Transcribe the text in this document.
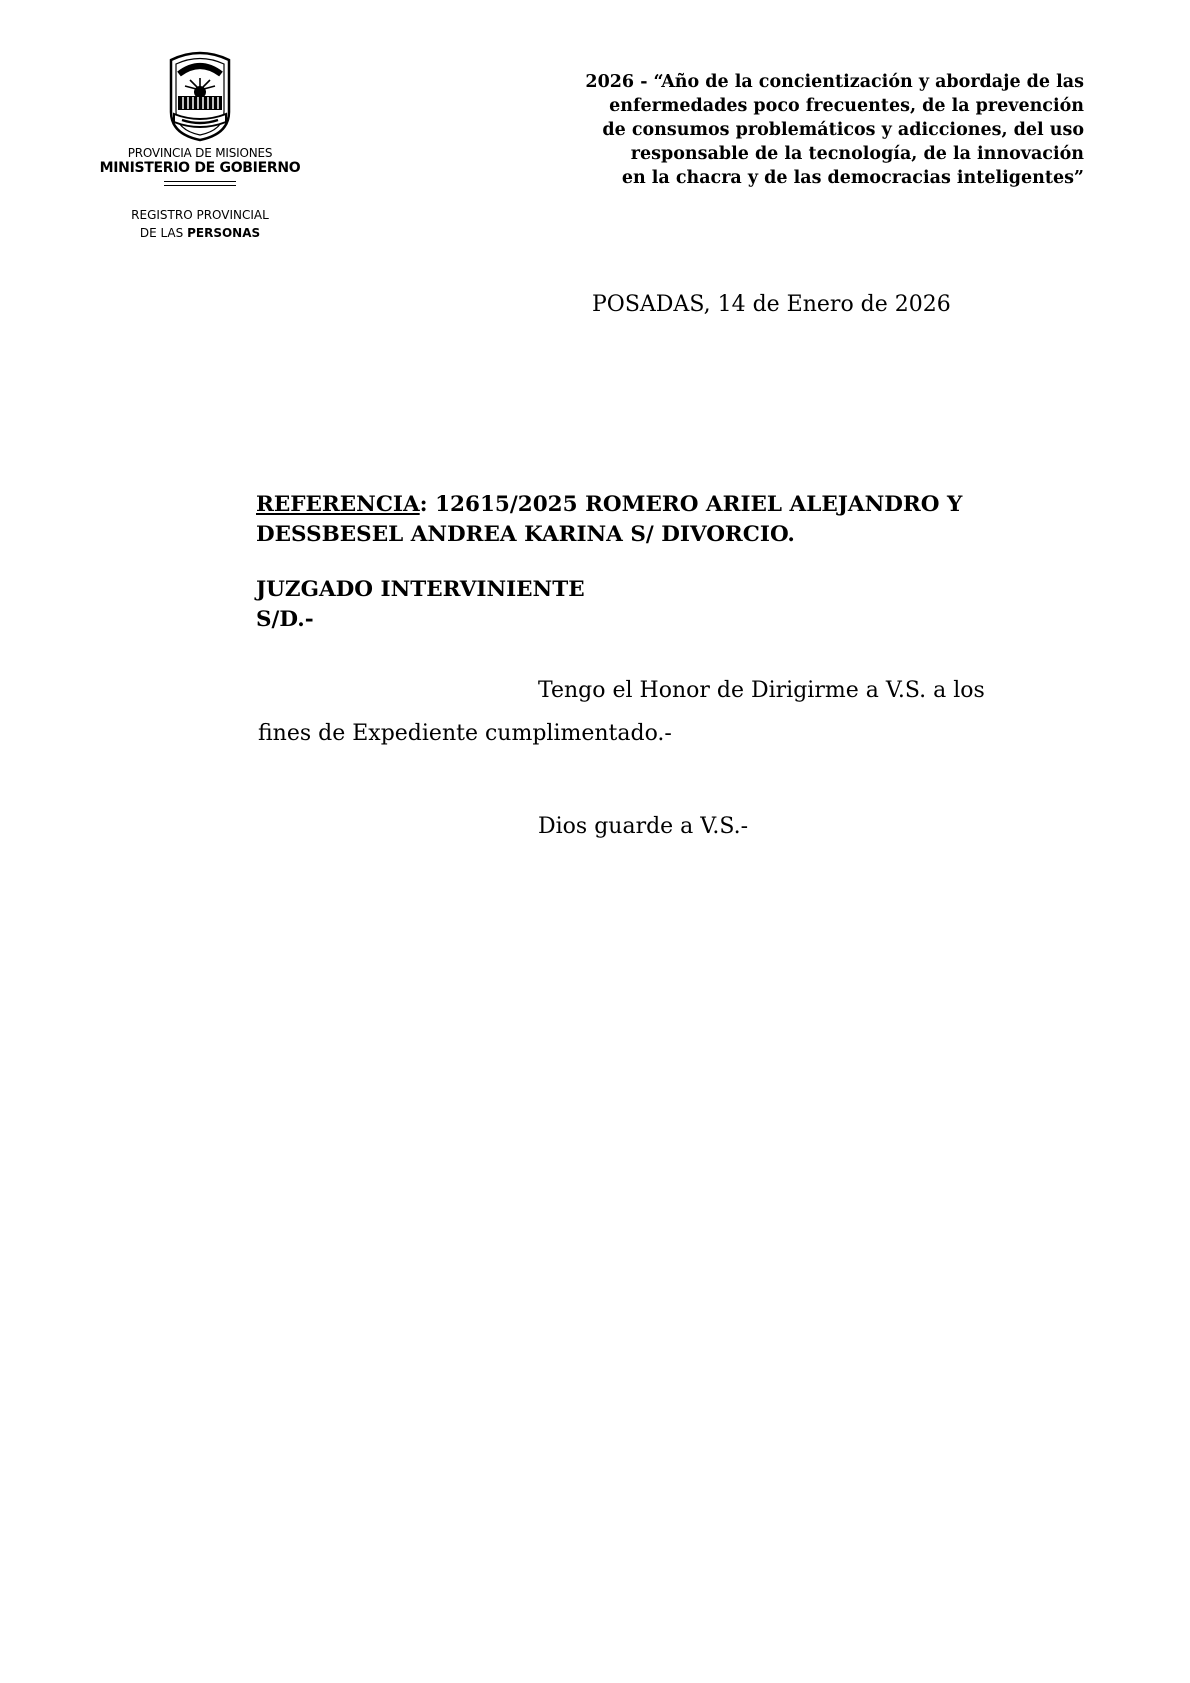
PROVINCIA DE MISIONES
MINISTERIO DE GOBIERNO
REGISTRO PROVINCIAL
DE LAS PERSONAS
2026 - “Año de la concientización y abordaje de las
enfermedades poco frecuentes, de la prevención
de consumos problemáticos y adicciones, del uso
responsable de la tecnología, de la innovación
en la chacra y de las democracias inteligentes”
POSADAS, 14 de Enero de 2026
REFERENCIA: 12615/2025 ROMERO ARIEL ALEJANDRO Y
DESSBESEL ANDREA KARINA S/ DIVORCIO.
JUZGADO INTERVINIENTE
S/D.-
Tengo el Honor de Dirigirme a V.S. a los
fines de Expediente cumplimentado.-
Dios guarde a V.S.-
